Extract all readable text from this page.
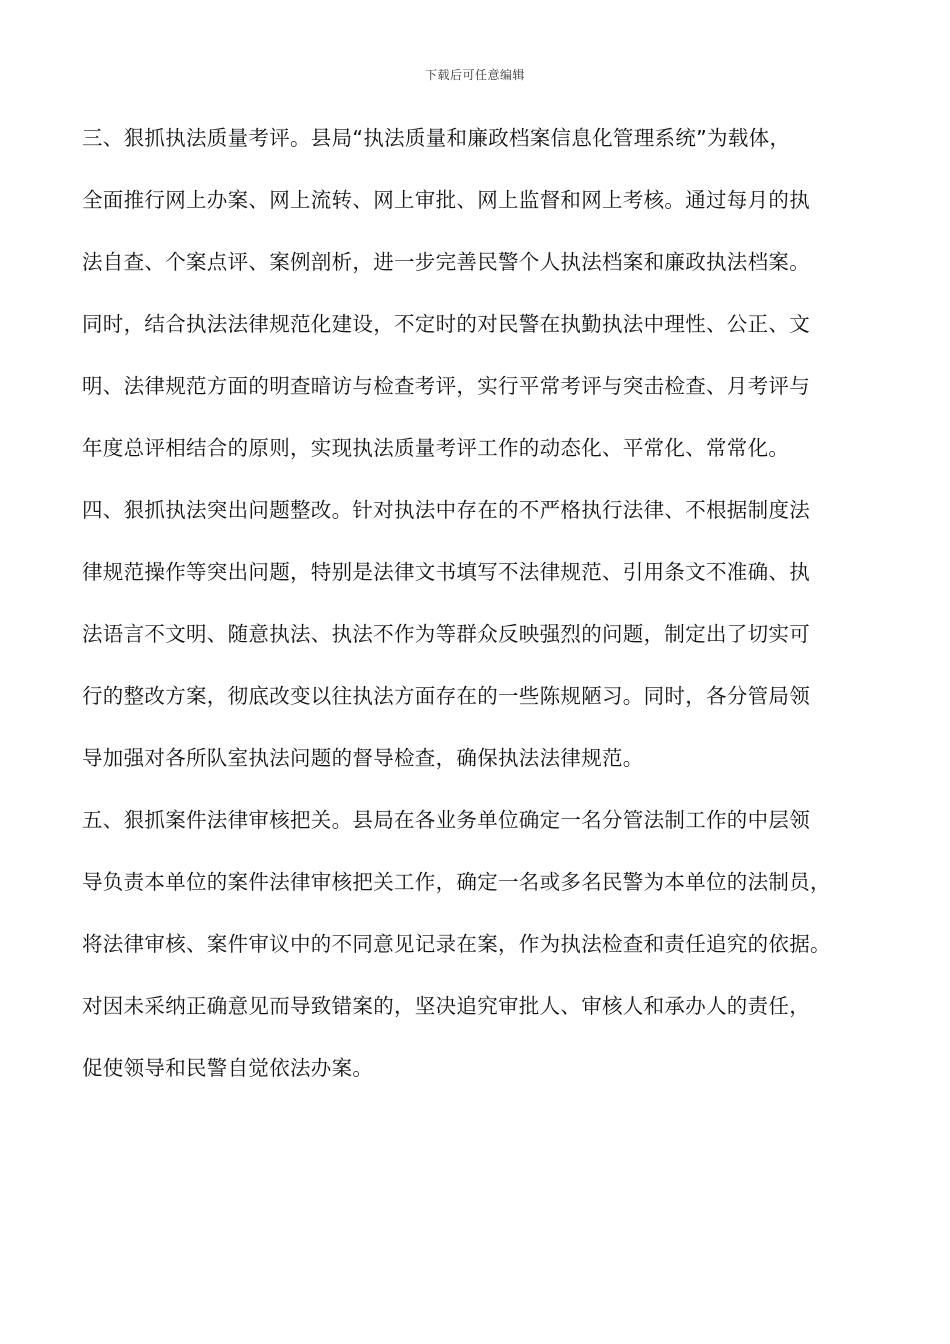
下载后可任意编辑
三、狠抓执法质量考评。县局“执法质量和廉政档案信息化管理系统”为载体，
全面推行网上办案、网上流转、网上审批、网上监督和网上考核。通过每月的执
法自查、个案点评、案例剖析，进一步完善民警个人执法档案和廉政执法档案。
同时，结合执法法律规范化建设，不定时的对民警在执勤执法中理性、公正、文
明、法律规范方面的明查暗访与检查考评，实行平常考评与突击检查、月考评与
年度总评相结合的原则，实现执法质量考评工作的动态化、平常化、常常化。
四、狠抓执法突出问题整改。针对执法中存在的不严格执行法律、不根据制度法
律规范操作等突出问题，特别是法律文书填写不法律规范、引用条文不准确、执
法语言不文明、随意执法、执法不作为等群众反映强烈的问题，制定出了切实可
行的整改方案，彻底改变以往执法方面存在的一些陈规陋习。同时，各分管局领
导加强对各所队室执法问题的督导检查，确保执法法律规范。
五、狠抓案件法律审核把关。县局在各业务单位确定一名分管法制工作的中层领
导负责本单位的案件法律审核把关工作，确定一名或多名民警为本单位的法制员，
将法律审核、案件审议中的不同意见记录在案，作为执法检查和责任追究的依据。
对因未采纳正确意见而导致错案的，坚决追究审批人、审核人和承办人的责任，
促使领导和民警自觉依法办案。
